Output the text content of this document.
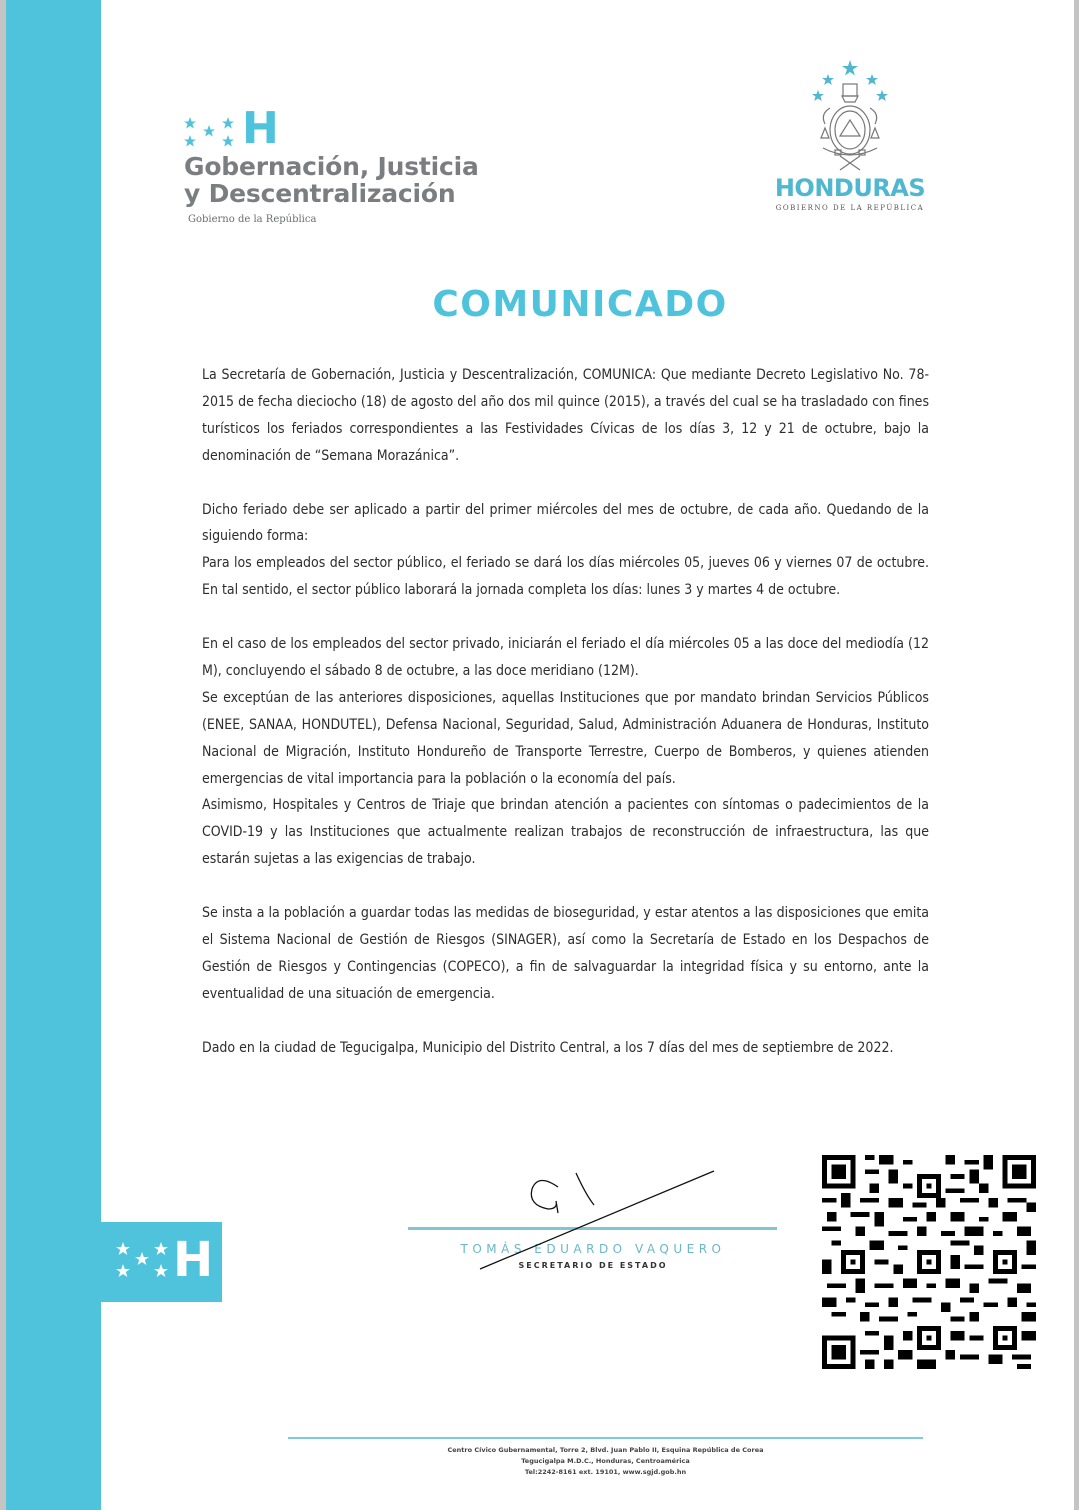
H
H
Gobernación, Justicia
y Descentralización
Gobierno de la República
HONDURAS
GOBIERNO DE LA REPÚBLICA
COMUNICADO

La Secretaría de Gobernación, Justicia y Descentralización, COMUNICA: Que mediante Decreto Legislativo No. 78-2015 de fecha dieciocho (18) de agosto del año dos mil quince (2015), a través del cual se ha trasladado con fines turísticos los feriados correspondientes a las Festividades Cívicas de los días 3, 12 y 21 de octubre, bajo la denominación de “Semana Morazánica”.

Dicho feriado debe ser aplicado a partir del primer miércoles del mes de octubre, de cada año. Quedando de la siguiendo forma:

Para los empleados del sector público, el feriado se dará los días miércoles 05, jueves 06 y viernes 07 de octubre. En tal sentido, el sector público laborará la jornada completa los días: lunes 3 y martes 4 de octubre.

En el caso de los empleados del sector privado, iniciarán el feriado el día miércoles 05 a las doce del mediodía (12 M), concluyendo el sábado 8 de octubre, a las doce meridiano (12M).

Se exceptúan de las anteriores disposiciones, aquellas Instituciones que por mandato brindan Servicios Públicos (ENEE, SANAA, HONDUTEL), Defensa Nacional, Seguridad, Salud, Administración Aduanera de Honduras, Instituto Nacional de Migración, Instituto Hondureño de Transporte Terrestre, Cuerpo de Bomberos, y quienes atienden emergencias de vital importancia para la población o la economía del país.

Asimismo, Hospitales y Centros de Triaje que brindan atención a pacientes con síntomas o padecimientos de la COVID-19 y las Instituciones que actualmente realizan trabajos de reconstrucción de infraestructura, las que estarán sujetas a las exigencias de trabajo.

Se insta a la población a guardar todas las medidas de bioseguridad, y estar atentos a las disposiciones que emita el Sistema Nacional de Gestión de Riesgos (SINAGER), así como la Secretaría de Estado en los Despachos de Gestión de Riesgos y Contingencias (COPECO), a fin de salvaguardar la integridad física y su entorno, ante la eventualidad de una situación de emergencia.

Dado en la ciudad de Tegucigalpa, Municipio del Distrito Central, a los 7 días del mes de septiembre de 2022.

TOMÁS EDUARDO VAQUERO
SECRETARIO DE ESTADO
Centro Cívico Gubernamental, Torre 2, Blvd. Juan Pablo II, Esquina República de Corea
Tegucigalpa M.D.C., Honduras, Centroamérica
Tel:2242-8161 ext. 19101, www.sgjd.gob.hn
